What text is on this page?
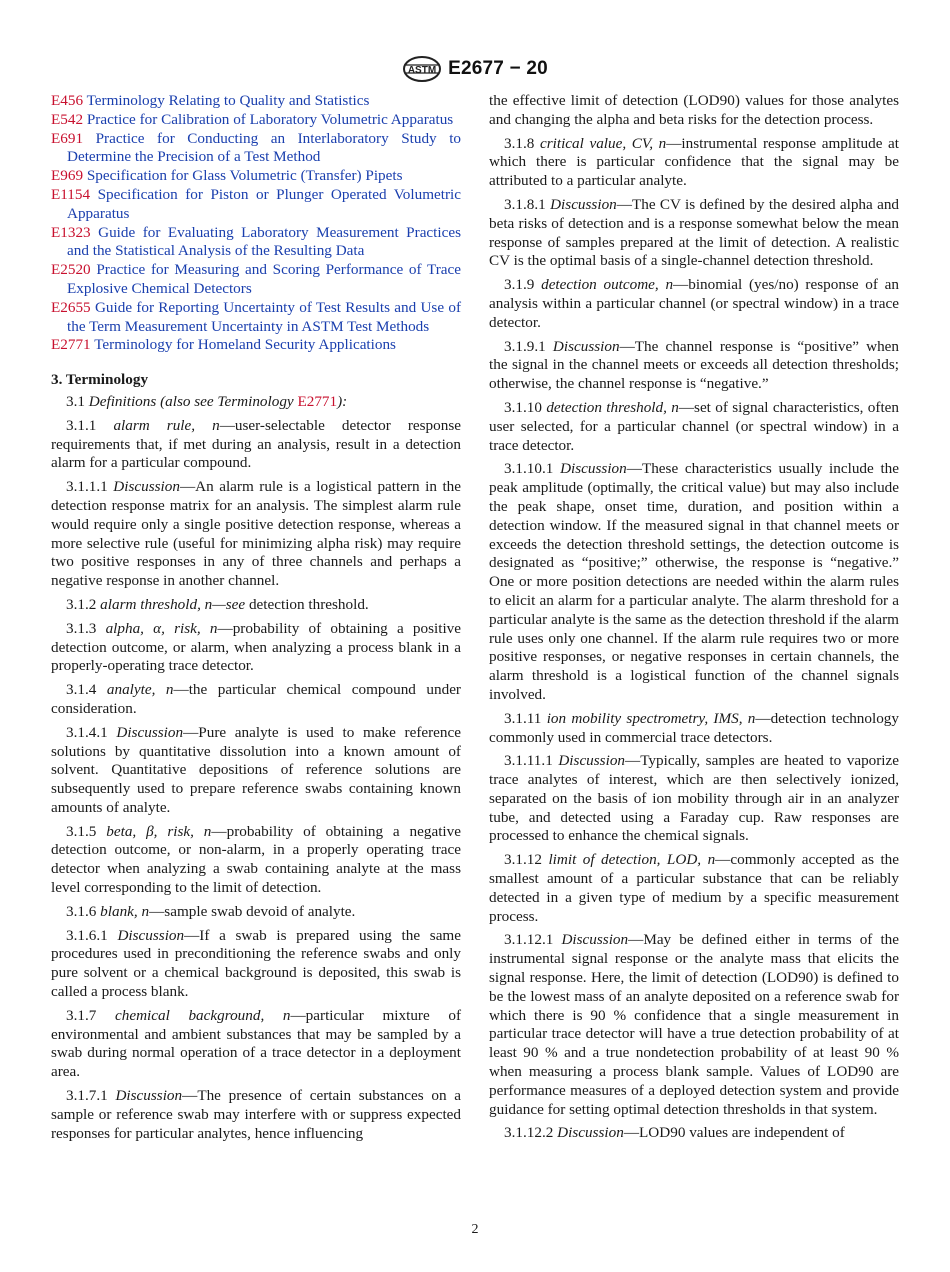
ASTM E2677 − 20

E456 Terminology Relating to Quality and Statistics

E542 Practice for Calibration of Laboratory Volumetric Apparatus

E691 Practice for Conducting an Interlaboratory Study to Determine the Precision of a Test Method

E969 Specification for Glass Volumetric (Transfer) Pipets

E1154 Specification for Piston or Plunger Operated Volumetric Apparatus

E1323 Guide for Evaluating Laboratory Measurement Practices and the Statistical Analysis of the Resulting Data

E2520 Practice for Measuring and Scoring Performance of Trace Explosive Chemical Detectors

E2655 Guide for Reporting Uncertainty of Test Results and Use of the Term Measurement Uncertainty in ASTM Test Methods

E2771 Terminology for Homeland Security Applications

3. Terminology

3.1 Definitions (also see Terminology E2771):

3.1.1 alarm rule, n—user-selectable detector response requirements that, if met during an analysis, result in a detection alarm for a particular compound.

3.1.1.1 Discussion—An alarm rule is a logistical pattern in the detection response matrix for an analysis. The simplest alarm rule would require only a single positive detection response, whereas a more selective rule (useful for minimizing alpha risk) may require two positive responses in any of three channels and perhaps a negative response in another channel.

3.1.2 alarm threshold, n—see detection threshold.

3.1.3 alpha, α, risk, n—probability of obtaining a positive detection outcome, or alarm, when analyzing a process blank in a properly-operating trace detector.

3.1.4 analyte, n—the particular chemical compound under consideration.

3.1.4.1 Discussion—Pure analyte is used to make reference solutions by quantitative dissolution into a known amount of solvent. Quantitative depositions of reference solutions are subsequently used to prepare reference swabs containing known amounts of analyte.

3.1.5 beta, β, risk, n—probability of obtaining a negative detection outcome, or non-alarm, in a properly operating trace detector when analyzing a swab containing analyte at the mass level corresponding to the limit of detection.

3.1.6 blank, n—sample swab devoid of analyte.

3.1.6.1 Discussion—If a swab is prepared using the same procedures used in preconditioning the reference swabs and only pure solvent or a chemical background is deposited, this swab is called a process blank.

3.1.7 chemical background, n—particular mixture of environmental and ambient substances that may be sampled by a swab during normal operation of a trace detector in a deployment area.

3.1.7.1 Discussion—The presence of certain substances on a sample or reference swab may interfere with or suppress expected responses for particular analytes, hence influencing

the effective limit of detection (LOD90) values for those analytes and changing the alpha and beta risks for the detection process.

3.1.8 critical value, CV, n—instrumental response amplitude at which there is particular confidence that the signal may be attributed to a particular analyte.

3.1.8.1 Discussion—The CV is defined by the desired alpha and beta risks of detection and is a response somewhat below the mean response of samples prepared at the limit of detection. A realistic CV is the optimal basis of a single-channel detection threshold.

3.1.9 detection outcome, n—binomial (yes/no) response of an analysis within a particular channel (or spectral window) in a trace detector.

3.1.9.1 Discussion—The channel response is “positive” when the signal in the channel meets or exceeds all detection thresholds; otherwise, the channel response is “negative.”

3.1.10 detection threshold, n—set of signal characteristics, often user selected, for a particular channel (or spectral window) in a trace detector.

3.1.10.1 Discussion—These characteristics usually include the peak amplitude (optimally, the critical value) but may also include the peak shape, onset time, duration, and position within a detection window. If the measured signal in that channel meets or exceeds the detection threshold settings, the detection outcome is designated as “positive;” otherwise, the response is “negative.” One or more position detections are needed within the alarm rules to elicit an alarm for a particular analyte. The alarm threshold for a particular analyte is the same as the detection threshold if the alarm rule uses only one channel. If the alarm rule requires two or more positive responses, or negative responses in certain channels, the alarm threshold is a logistical function of the channel signals involved.

3.1.11 ion mobility spectrometry, IMS, n—detection technology commonly used in commercial trace detectors.

3.1.11.1 Discussion—Typically, samples are heated to vaporize trace analytes of interest, which are then selectively ionized, separated on the basis of ion mobility through air in an analyzer tube, and detected using a Faraday cup. Raw responses are processed to enhance the chemical signals.

3.1.12 limit of detection, LOD, n—commonly accepted as the smallest amount of a particular substance that can be reliably detected in a given type of medium by a specific measurement process.

3.1.12.1 Discussion—May be defined either in terms of the instrumental signal response or the analyte mass that elicits the signal response. Here, the limit of detection (LOD90) is defined to be the lowest mass of an analyte deposited on a reference swab for which there is 90 % confidence that a single measurement in particular trace detector will have a true detection probability of at least 90 % and a true nondetection probability of at least 90 % when measuring a process blank sample. Values of LOD90 are performance measures of a deployed detection system and provide guidance for setting optimal detection thresholds in that system.

3.1.12.2 Discussion—LOD90 values are independent of

2
